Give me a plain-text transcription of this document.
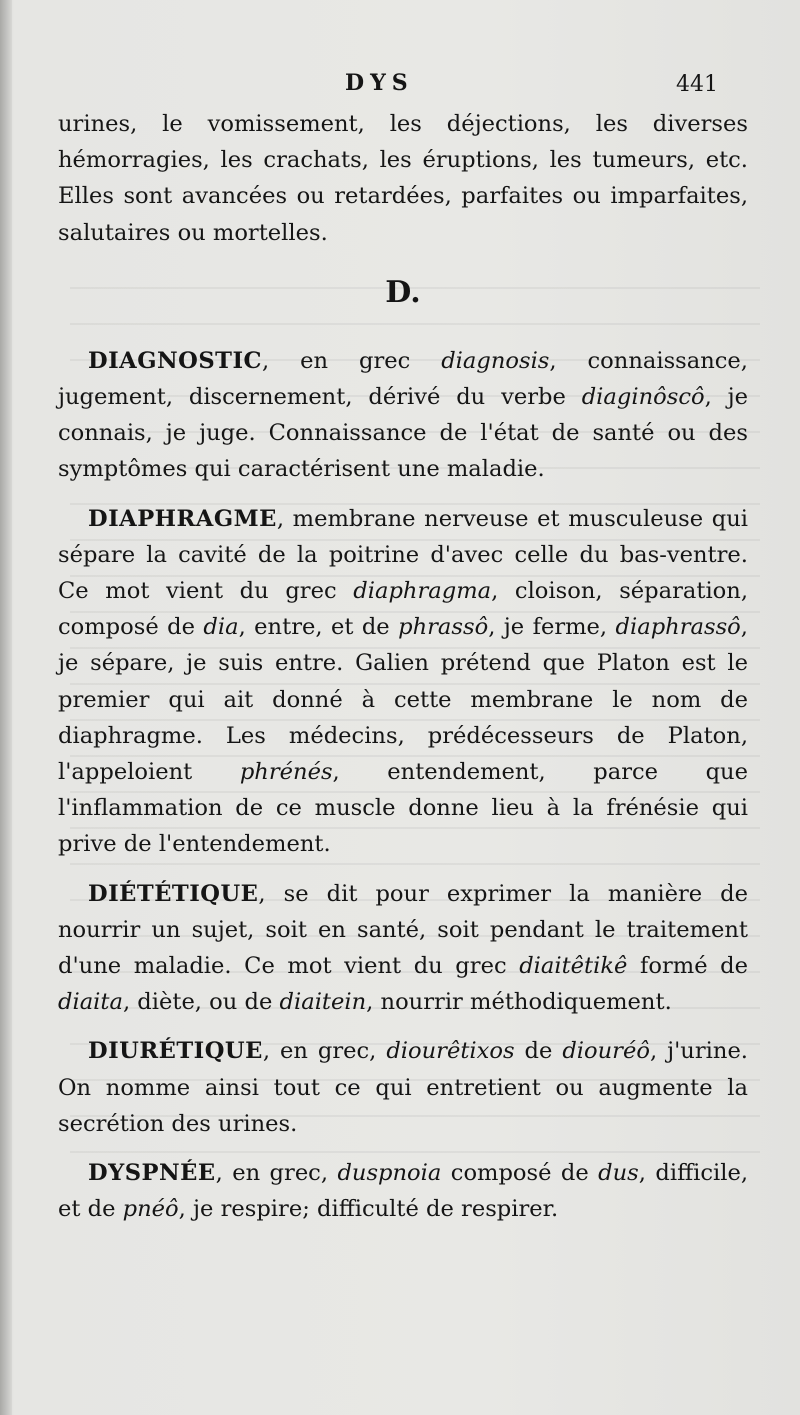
DYS	441

urines, le vomissement, les déjections, les diverses hémorragies, les crachats, les éruptions, les tumeurs, etc. Elles sont avancées ou retardées, parfaites ou imparfaites, salutaires ou mortelles.

D.

DIAGNOSTIC, en grec diagnosis, connaissance, jugement, discernement, dérivé du verbe diaginôscô, je connais, je juge. Connaissance de l'état de santé ou des symptômes qui caractérisent une maladie.

DIAPHRAGME, membrane nerveuse et musculeuse qui sépare la cavité de la poitrine d'avec celle du bas-ventre. Ce mot vient du grec diaphragma, cloison, séparation, composé de dia, entre, et de phrassô, je ferme, diaphrassô, je sépare, je suis entre. Galien prétend que Platon est le premier qui ait donné à cette membrane le nom de diaphragme. Les médecins, prédécesseurs de Platon, l'appeloient phrénés, entendement, parce que l'inflammation de ce muscle donne lieu à la frénésie qui prive de l'entendement.

DIÉTÉTIQUE, se dit pour exprimer la manière de nourrir un sujet, soit en santé, soit pendant le traitement d'une maladie. Ce mot vient du grec diaitêtikê formé de diaita, diète, ou de diaitein, nourrir méthodiquement.

DIURÉTIQUE, en grec, diourêtixos de diouréô, j'urine. On nomme ainsi tout ce qui entretient ou augmente la secrétion des urines.

DYSPNÉE, en grec, duspnoia composé de dus, difficile, et de pnéô, je respire; difficulté de respirer.
